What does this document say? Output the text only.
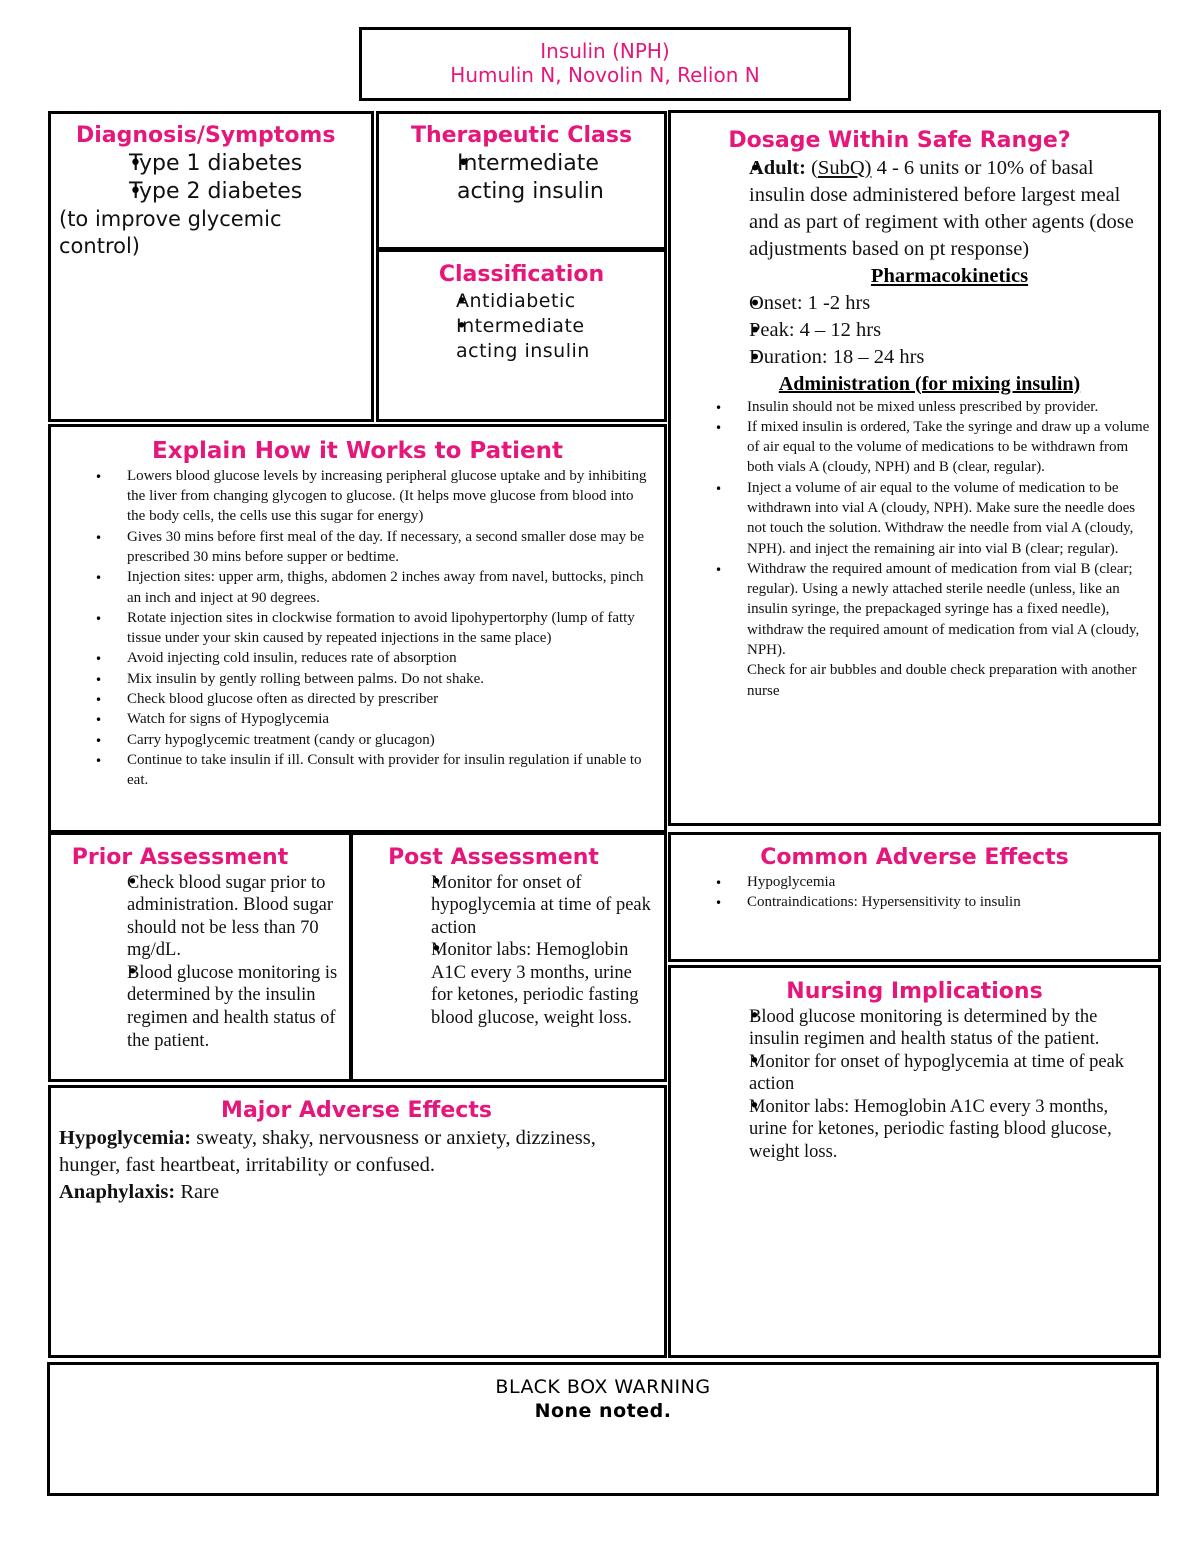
Insulin (NPH)
Humulin N, Novolin N, Relion N
Diagnosis/Symptoms
• Type 1 diabetes
• Type 2 diabetes
(to improve glycemic control)
Therapeutic Class
• Intermediate acting insulin
Classification
• Antidiabetic
• Intermediate acting insulin
Dosage Within Safe Range?
• Adult: (SubQ) 4 - 6 units or 10% of basal insulin dose administered before largest meal and as part of regiment with other agents (dose adjustments based on pt response)
Pharmacokinetics
• Onset: 1 -2 hrs
• Peak: 4 – 12 hrs
• Duration: 18 – 24 hrs
Administration (for mixing insulin)
• Insulin should not be mixed unless prescribed by provider.
• If mixed insulin is ordered, Take the syringe and draw up a volume of air equal to the volume of medications to be withdrawn from both vials A (cloudy, NPH) and B (clear, regular).
• Inject a volume of air equal to the volume of medication to be withdrawn into vial A (cloudy, NPH). Make sure the needle does not touch the solution. Withdraw the needle from vial A (cloudy, NPH). and inject the remaining air into vial B (clear; regular).
• Withdraw the required amount of medication from vial B (clear; regular). Using a newly attached sterile needle (unless, like an insulin syringe, the prepackaged syringe has a fixed needle), withdraw the required amount of medication from vial A (cloudy, NPH).
Check for air bubbles and double check preparation with another nurse
Explain How it Works to Patient
• Lowers blood glucose levels by increasing peripheral glucose uptake and by inhibiting the liver from changing glycogen to glucose. (It helps move glucose from blood into the body cells, the cells use this sugar for energy)
• Gives 30 mins before first meal of the day. If necessary, a second smaller dose may be prescribed 30 mins before supper or bedtime.
• Injection sites: upper arm, thighs, abdomen 2 inches away from navel, buttocks, pinch an inch and inject at 90 degrees.
• Rotate injection sites in clockwise formation to avoid lipohypertorphy (lump of fatty tissue under your skin caused by repeated injections in the same place)
• Avoid injecting cold insulin, reduces rate of absorption
• Mix insulin by gently rolling between palms. Do not shake.
• Check blood glucose often as directed by prescriber
• Watch for signs of Hypoglycemia
• Carry hypoglycemic treatment (candy or glucagon)
• Continue to take insulin if ill. Consult with provider for insulin regulation if unable to eat.
Prior Assessment
• Check blood sugar prior to administration. Blood sugar should not be less than 70 mg/dL.
• Blood glucose monitoring is determined by the insulin regimen and health status of the patient.
Post Assessment
• Monitor for onset of hypoglycemia at time of peak action
• Monitor labs: Hemoglobin A1C every 3 months, urine for ketones, periodic fasting blood glucose, weight loss.
Common Adverse Effects
• Hypoglycemia
• Contraindications: Hypersensitivity to insulin
Nursing Implications
• Blood glucose monitoring is determined by the insulin regimen and health status of the patient.
• Monitor for onset of hypoglycemia at time of peak action
• Monitor labs: Hemoglobin A1C every 3 months, urine for ketones, periodic fasting blood glucose, weight loss.
Major Adverse Effects
Hypoglycemia: sweaty, shaky, nervousness or anxiety, dizziness, hunger, fast heartbeat, irritability or confused.
Anaphylaxis: Rare
BLACK BOX WARNING
None noted.
